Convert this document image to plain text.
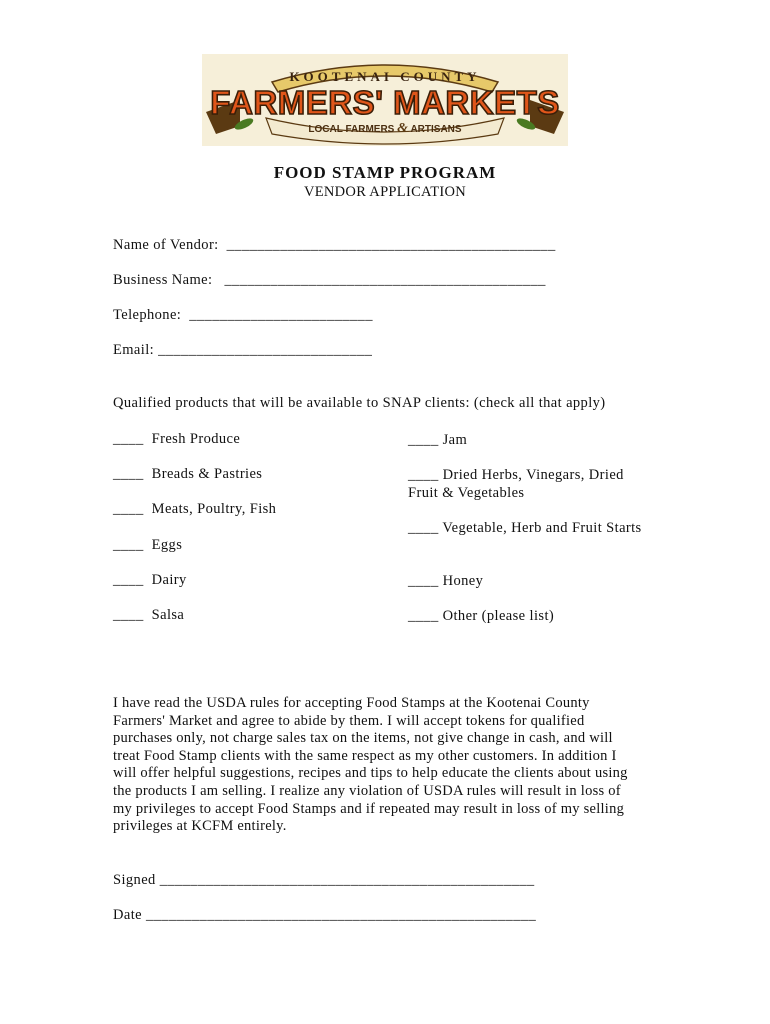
KOOTENAI COUNTY
FARMERS' MARKETS
LOCAL FARMERS & ARTISANS
FOOD STAMP PROGRAM
VENDOR APPLICATION
Name of Vendor:  ___________________________________________
Business Name:   __________________________________________
Telephone:  ________________________
Email: ____________________________
Qualified products that will be available to SNAP clients: (check all that apply)
____  Fresh Produce
____  Breads & Pastries
____  Meats, Poultry, Fish
____  Eggs
____  Dairy
____  Salsa
____ Jam
____ Dried Herbs, Vinegars, Dried Fruit & Vegetables
____ Vegetable, Herb and Fruit Starts
____ Honey
____ Other (please list)
I have read the USDA rules for accepting Food Stamps at the Kootenai County Farmers' Market and agree to abide by them. I will accept tokens for qualified purchases only, not charge sales tax on the items, not give change in cash, and will treat Food Stamp clients with the same respect as my other customers. In addition I will offer helpful suggestions, recipes and tips to help educate the clients about using the products I am selling. I realize any violation of USDA rules will result in loss of my privileges to accept Food Stamps and if repeated may result in loss of my selling privileges at KCFM entirely.
Signed _________________________________________________
Date ___________________________________________________
